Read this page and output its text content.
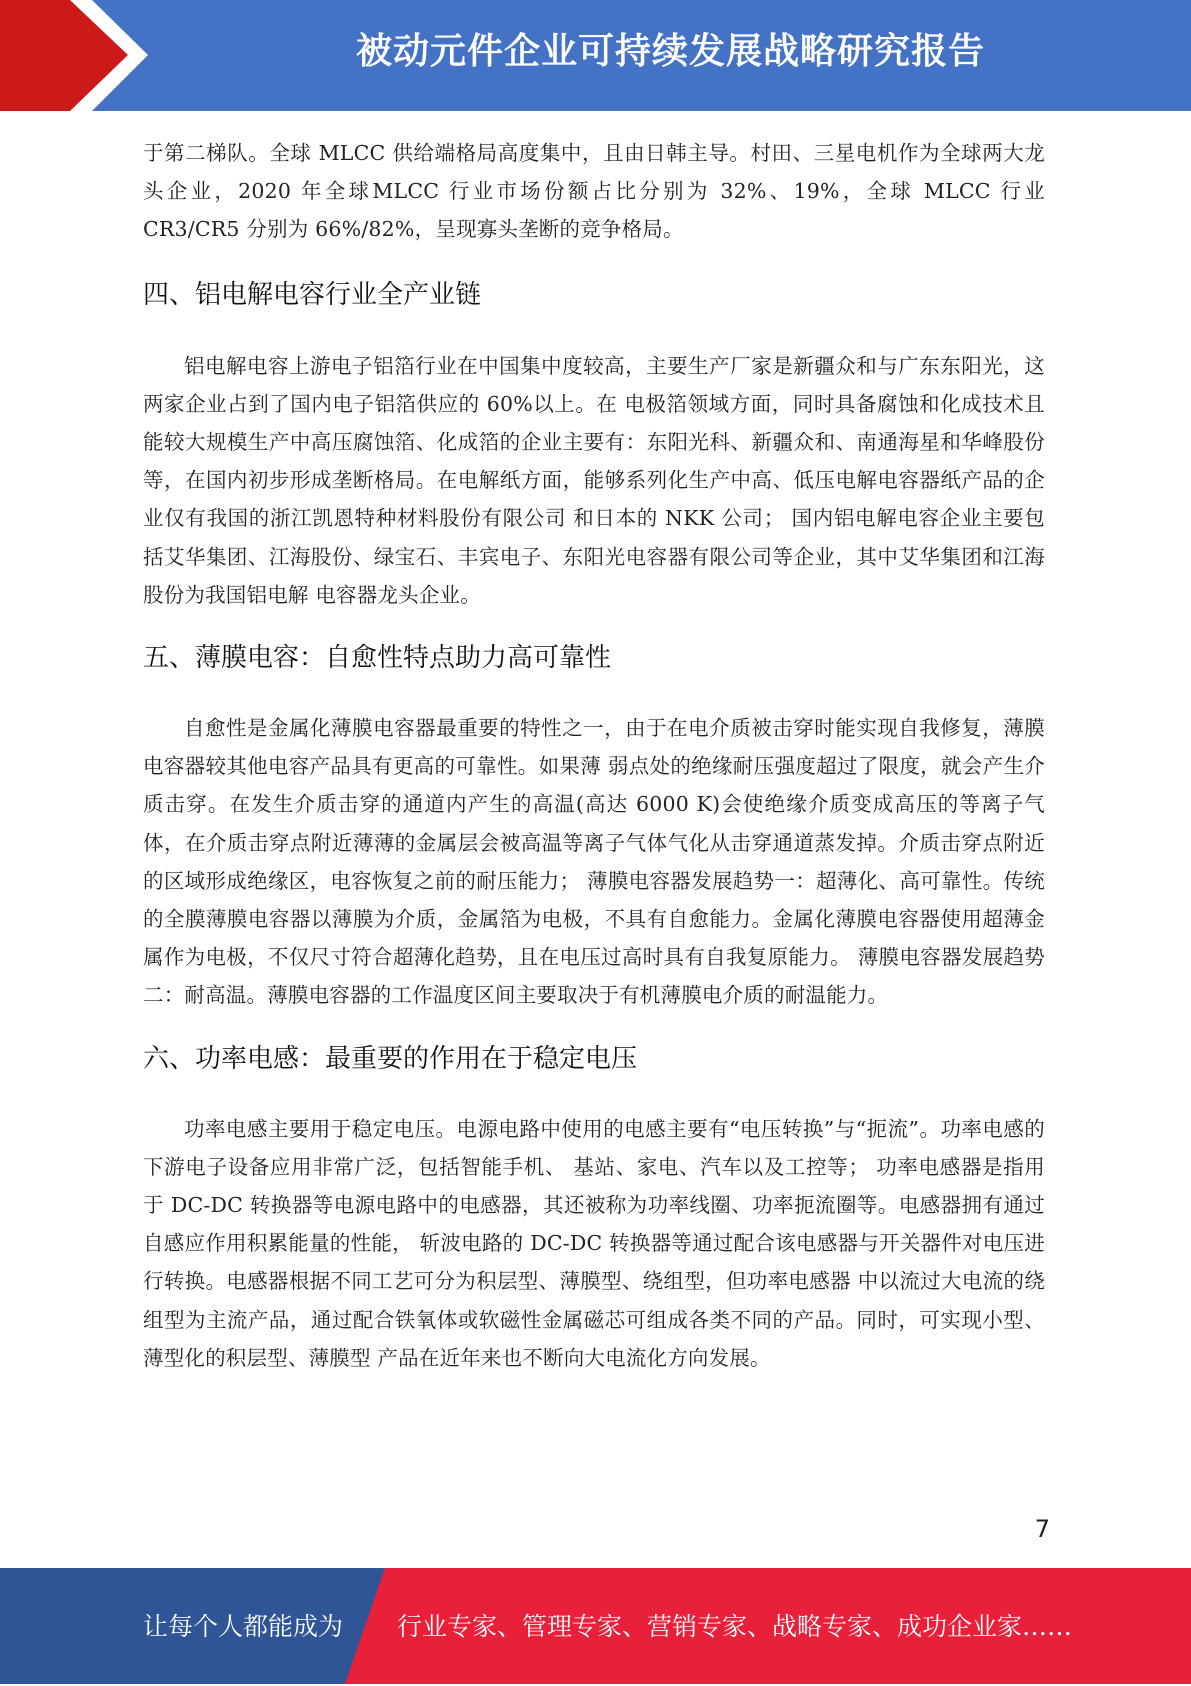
被动元件企业可持续发展战略研究报告

于第二梯队。全球 MLCC 供给端格局高度集中，且由日韩主导。村田、三星电机作为全球两大龙头企业，2020 年全球MLCC 行业市场份额占比分别为 32%、19%，全球 MLCC 行业 CR3/CR5 分别为 66%/82%，呈现寡头垄断的竞争格局。

四、铝电解电容行业全产业链

铝电解电容上游电子铝箔行业在中国集中度较高，主要生产厂家是新疆众和与广东东阳光，这两家企业占到了国内电子铝箔供应的 60%以上。在 电极箔领域方面，同时具备腐蚀和化成技术且能较大规模生产中高压腐蚀箔、化成箔的企业主要有：东阳光科、新疆众和、南通海星和华峰股份等，在国内初步形成垄断格局。在电解纸方面，能够系列化生产中高、低压电解电容器纸产品的企业仅有我国的浙江凯恩特种材料股份有限公司 和日本的 NKK 公司； 国内铝电解电容企业主要包括艾华集团、江海股份、绿宝石、丰宾电子、东阳光电容器有限公司等企业，其中艾华集团和江海股份为我国铝电解 电容器龙头企业。

五、薄膜电容：自愈性特点助力高可靠性

自愈性是金属化薄膜电容器最重要的特性之一，由于在电介质被击穿时能实现自我修复，薄膜电容器较其他电容产品具有更高的可靠性。如果薄 弱点处的绝缘耐压强度超过了限度，就会产生介质击穿。在发生介质击穿的通道内产生的高温(高达 6000 K)会使绝缘介质变成高压的等离子气体，在介质击穿点附近薄薄的金属层会被高温等离子气体气化从击穿通道蒸发掉。介质击穿点附近的区域形成绝缘区，电容恢复之前的耐压能力； 薄膜电容器发展趋势一：超薄化、高可靠性。传统的全膜薄膜电容器以薄膜为介质，金属箔为电极，不具有自愈能力。金属化薄膜电容器使用超薄金属作为电极，不仅尺寸符合超薄化趋势，且在电压过高时具有自我复原能力。 薄膜电容器发展趋势二：耐高温。薄膜电容器的工作温度区间主要取决于有机薄膜电介质的耐温能力。

六、功率电感：最重要的作用在于稳定电压

功率电感主要用于稳定电压。电源电路中使用的电感主要有“电压转换”与“扼流”。功率电感的下游电子设备应用非常广泛，包括智能手机、 基站、家电、汽车以及工控等； 功率电感器是指用于 DC-DC 转换器等电源电路中的电感器，其还被称为功率线圈、功率扼流圈等。电感器拥有通过自感应作用积累能量的性能， 斩波电路的 DC-DC 转换器等通过配合该电感器与开关器件对电压进行转换。电感器根据不同工艺可分为积层型、薄膜型、绕组型，但功率电感器 中以流过大电流的绕组型为主流产品，通过配合铁氧体或软磁性金属磁芯可组成各类不同的产品。同时，可实现小型、薄型化的积层型、薄膜型 产品在近年来也不断向大电流化方向发展。

7
让每个人都能成为 行业专家、管理专家、营销专家、战略专家、成功企业家……
